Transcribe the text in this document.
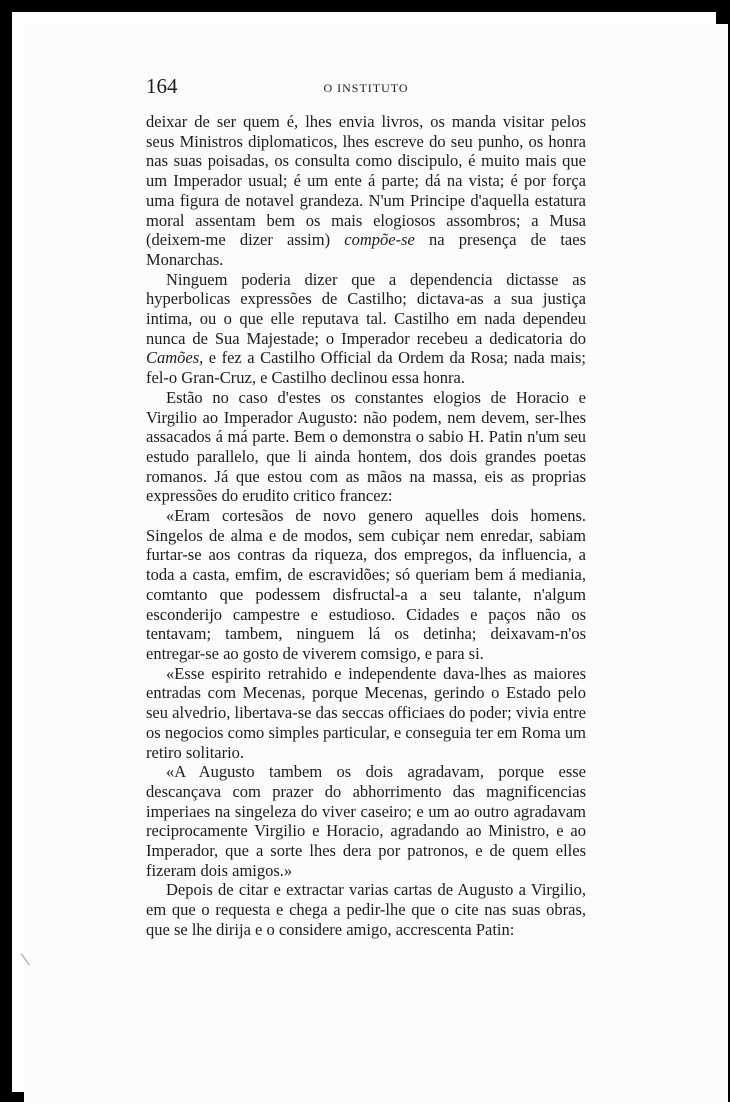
164	O INSTITUTO

deixar de ser quem é, lhes envia livros, os manda visitar pelos seus Ministros diplomaticos, lhes escreve do seu punho, os honra nas suas poisadas, os consulta como discipulo, é muito mais que um Imperador usual; é um ente á parte; dá na vista; é por força uma figura de notavel grandeza. N'um Principe d'aquella estatura moral assentam bem os mais elogiosos assombros; a Musa (deixem-me dizer assim) compõe-se na presença de taes Monarchas.

Ninguem poderia dizer que a dependencia dictasse as hyperbolicas expressões de Castilho; dictava-as a sua justiça intima, ou o que elle reputava tal. Castilho em nada dependeu nunca de Sua Majestade; o Imperador recebeu a dedicatoria do Camões, e fez a Castilho Official da Ordem da Rosa; nada mais; fel-o Gran-Cruz, e Castilho declinou essa honra.

Estão no caso d'estes os constantes elogios de Horacio e Virgilio ao Imperador Augusto: não podem, nem devem, ser-lhes assacados á má parte. Bem o demonstra o sabio H. Patin n'um seu estudo parallelo, que li ainda hontem, dos dois grandes poetas romanos. Já que estou com as mãos na massa, eis as proprias expressões do erudito critico francez:

«Eram cortesãos de novo genero aquelles dois homens. Singelos de alma e de modos, sem cubiçar nem enredar, sabiam furtar-se aos contras da riqueza, dos empregos, da influencia, a toda a casta, emfim, de escravidões; só queriam bem á mediania, comtanto que podessem disfructal-a a seu talante, n'algum esconderijo campestre e estudioso. Cidades e paços não os tentavam; tambem, ninguem lá os detinha; deixavam-n'os entregar-se ao gosto de viverem comsigo, e para si.

«Esse espirito retrahido e independente dava-lhes as maiores entradas com Mecenas, porque Mecenas, gerindo o Estado pelo seu alvedrio, libertava-se das seccas officiaes do poder; vivia entre os negocios como simples particular, e conseguia ter em Roma um retiro solitario.

«A Augusto tambem os dois agradavam, porque esse descançava com prazer do abhorrimento das magnificencias imperiaes na singeleza do viver caseiro; e um ao outro agradavam reciprocamente Virgilio e Horacio, agradando ao Ministro, e ao Imperador, que a sorte lhes dera por patronos, e de quem elles fizeram dois amigos.»

Depois de citar e extractar varias cartas de Augusto a Virgilio, em que o requesta e chega a pedir-lhe que o cite nas suas obras, que se lhe dirija e o considere amigo, accrescenta Patin:
